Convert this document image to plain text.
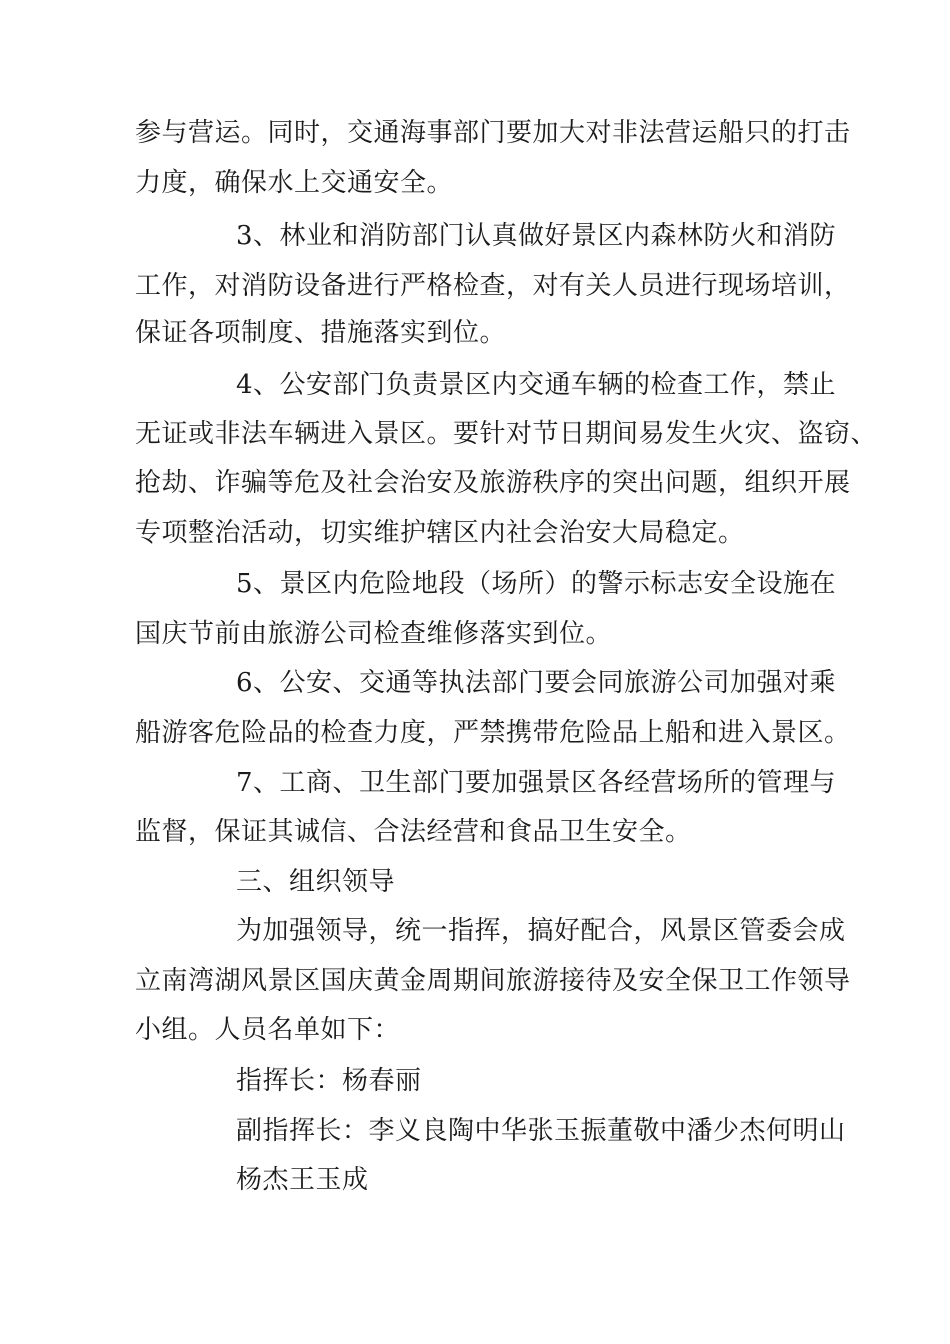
参与营运。同时，交通海事部门要加大对非法营运船只的打击
力度，确保水上交通安全。
3、林业和消防部门认真做好景区内森林防火和消防
工作，对消防设备进行严格检查，对有关人员进行现场培训，
保证各项制度、措施落实到位。
4、公安部门负责景区内交通车辆的检查工作，禁止
无证或非法车辆进入景区。要针对节日期间易发生火灾、盗窃、
抢劫、诈骗等危及社会治安及旅游秩序的突出问题，组织开展
专项整治活动，切实维护辖区内社会治安大局稳定。
5、景区内危险地段（场所）的警示标志安全设施在
国庆节前由旅游公司检查维修落实到位。
6、公安、交通等执法部门要会同旅游公司加强对乘
船游客危险品的检查力度，严禁携带危险品上船和进入景区。
7、工商、卫生部门要加强景区各经营场所的管理与
监督，保证其诚信、合法经营和食品卫生安全。
三、组织领导
为加强领导，统一指挥，搞好配合，风景区管委会成
立南湾湖风景区国庆黄金周期间旅游接待及安全保卫工作领导
小组。人员名单如下：
指挥长：杨春丽
副指挥长：李义良陶中华张玉振董敬中潘少杰何明山
杨杰王玉成
